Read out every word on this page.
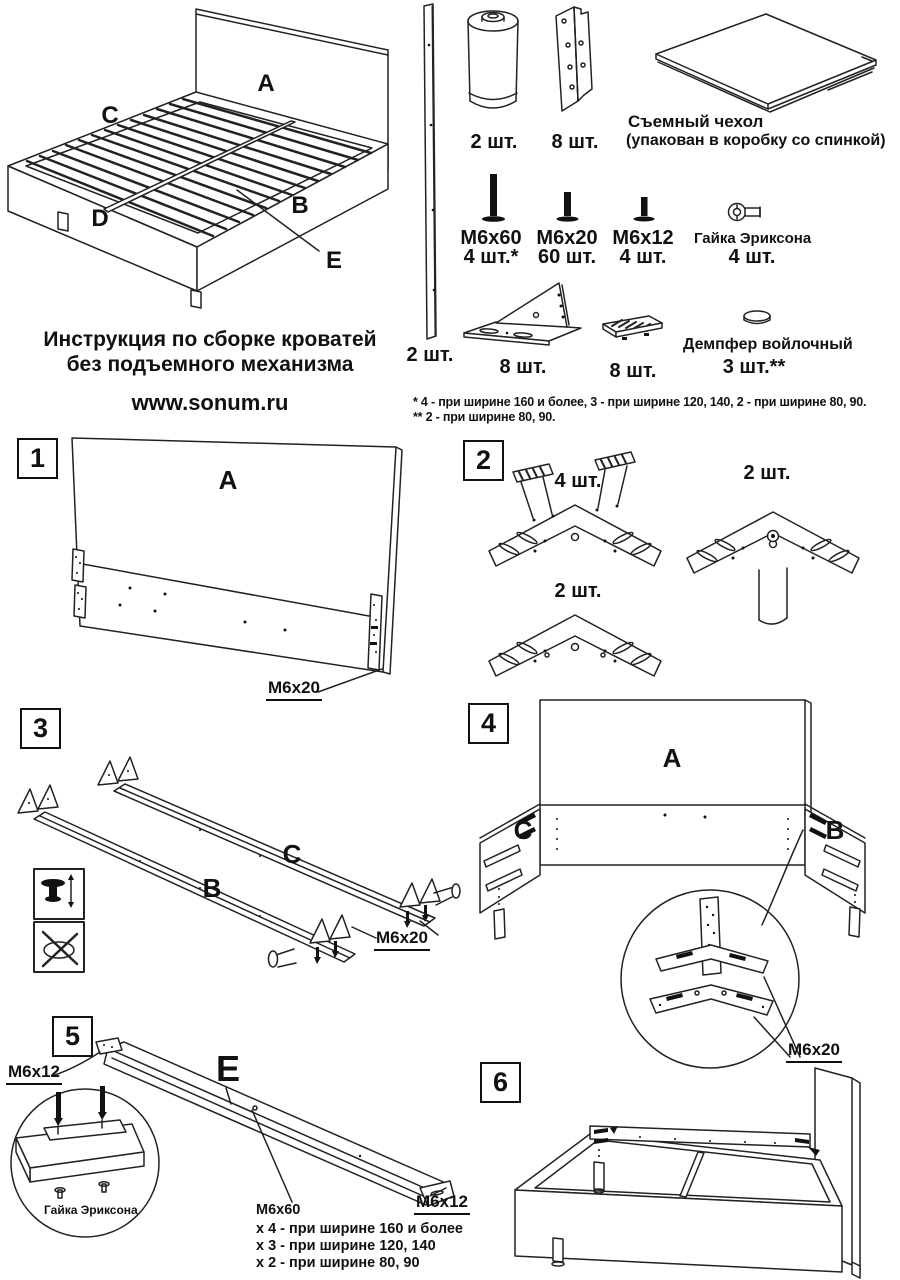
A
C
D	B
E
Инструкция по сборке кроватей
без подъемного механизма
www.sonum.ru
2 шт.
2 шт. 8 шт.
Съемный чехол
(упакован в коробку со спинкой)
M6x60
4 шт.*
M6x20
60 шт.
M6x12
4 шт.
Гайка Эриксона
4 шт.
8 шт.	8 шт.
Демпфер войлочный
3 шт.**
* 4 - при ширине 160 и более, 3 - при ширине 120, 140, 2 - при ширине 80, 90.
** 2 - при ширине 80, 90.
1
A
M6x20
2
4 шт.	2 шт.
2 шт.
3
B
C
M6x20
4
A
C	B
M6x20
5
M6x12	E
Гайка Эриксона	M6x12
M6x60
x 4 - при ширине 160 и более
x 3 - при ширине 120, 140
x 2 - при ширине 80, 90
6
